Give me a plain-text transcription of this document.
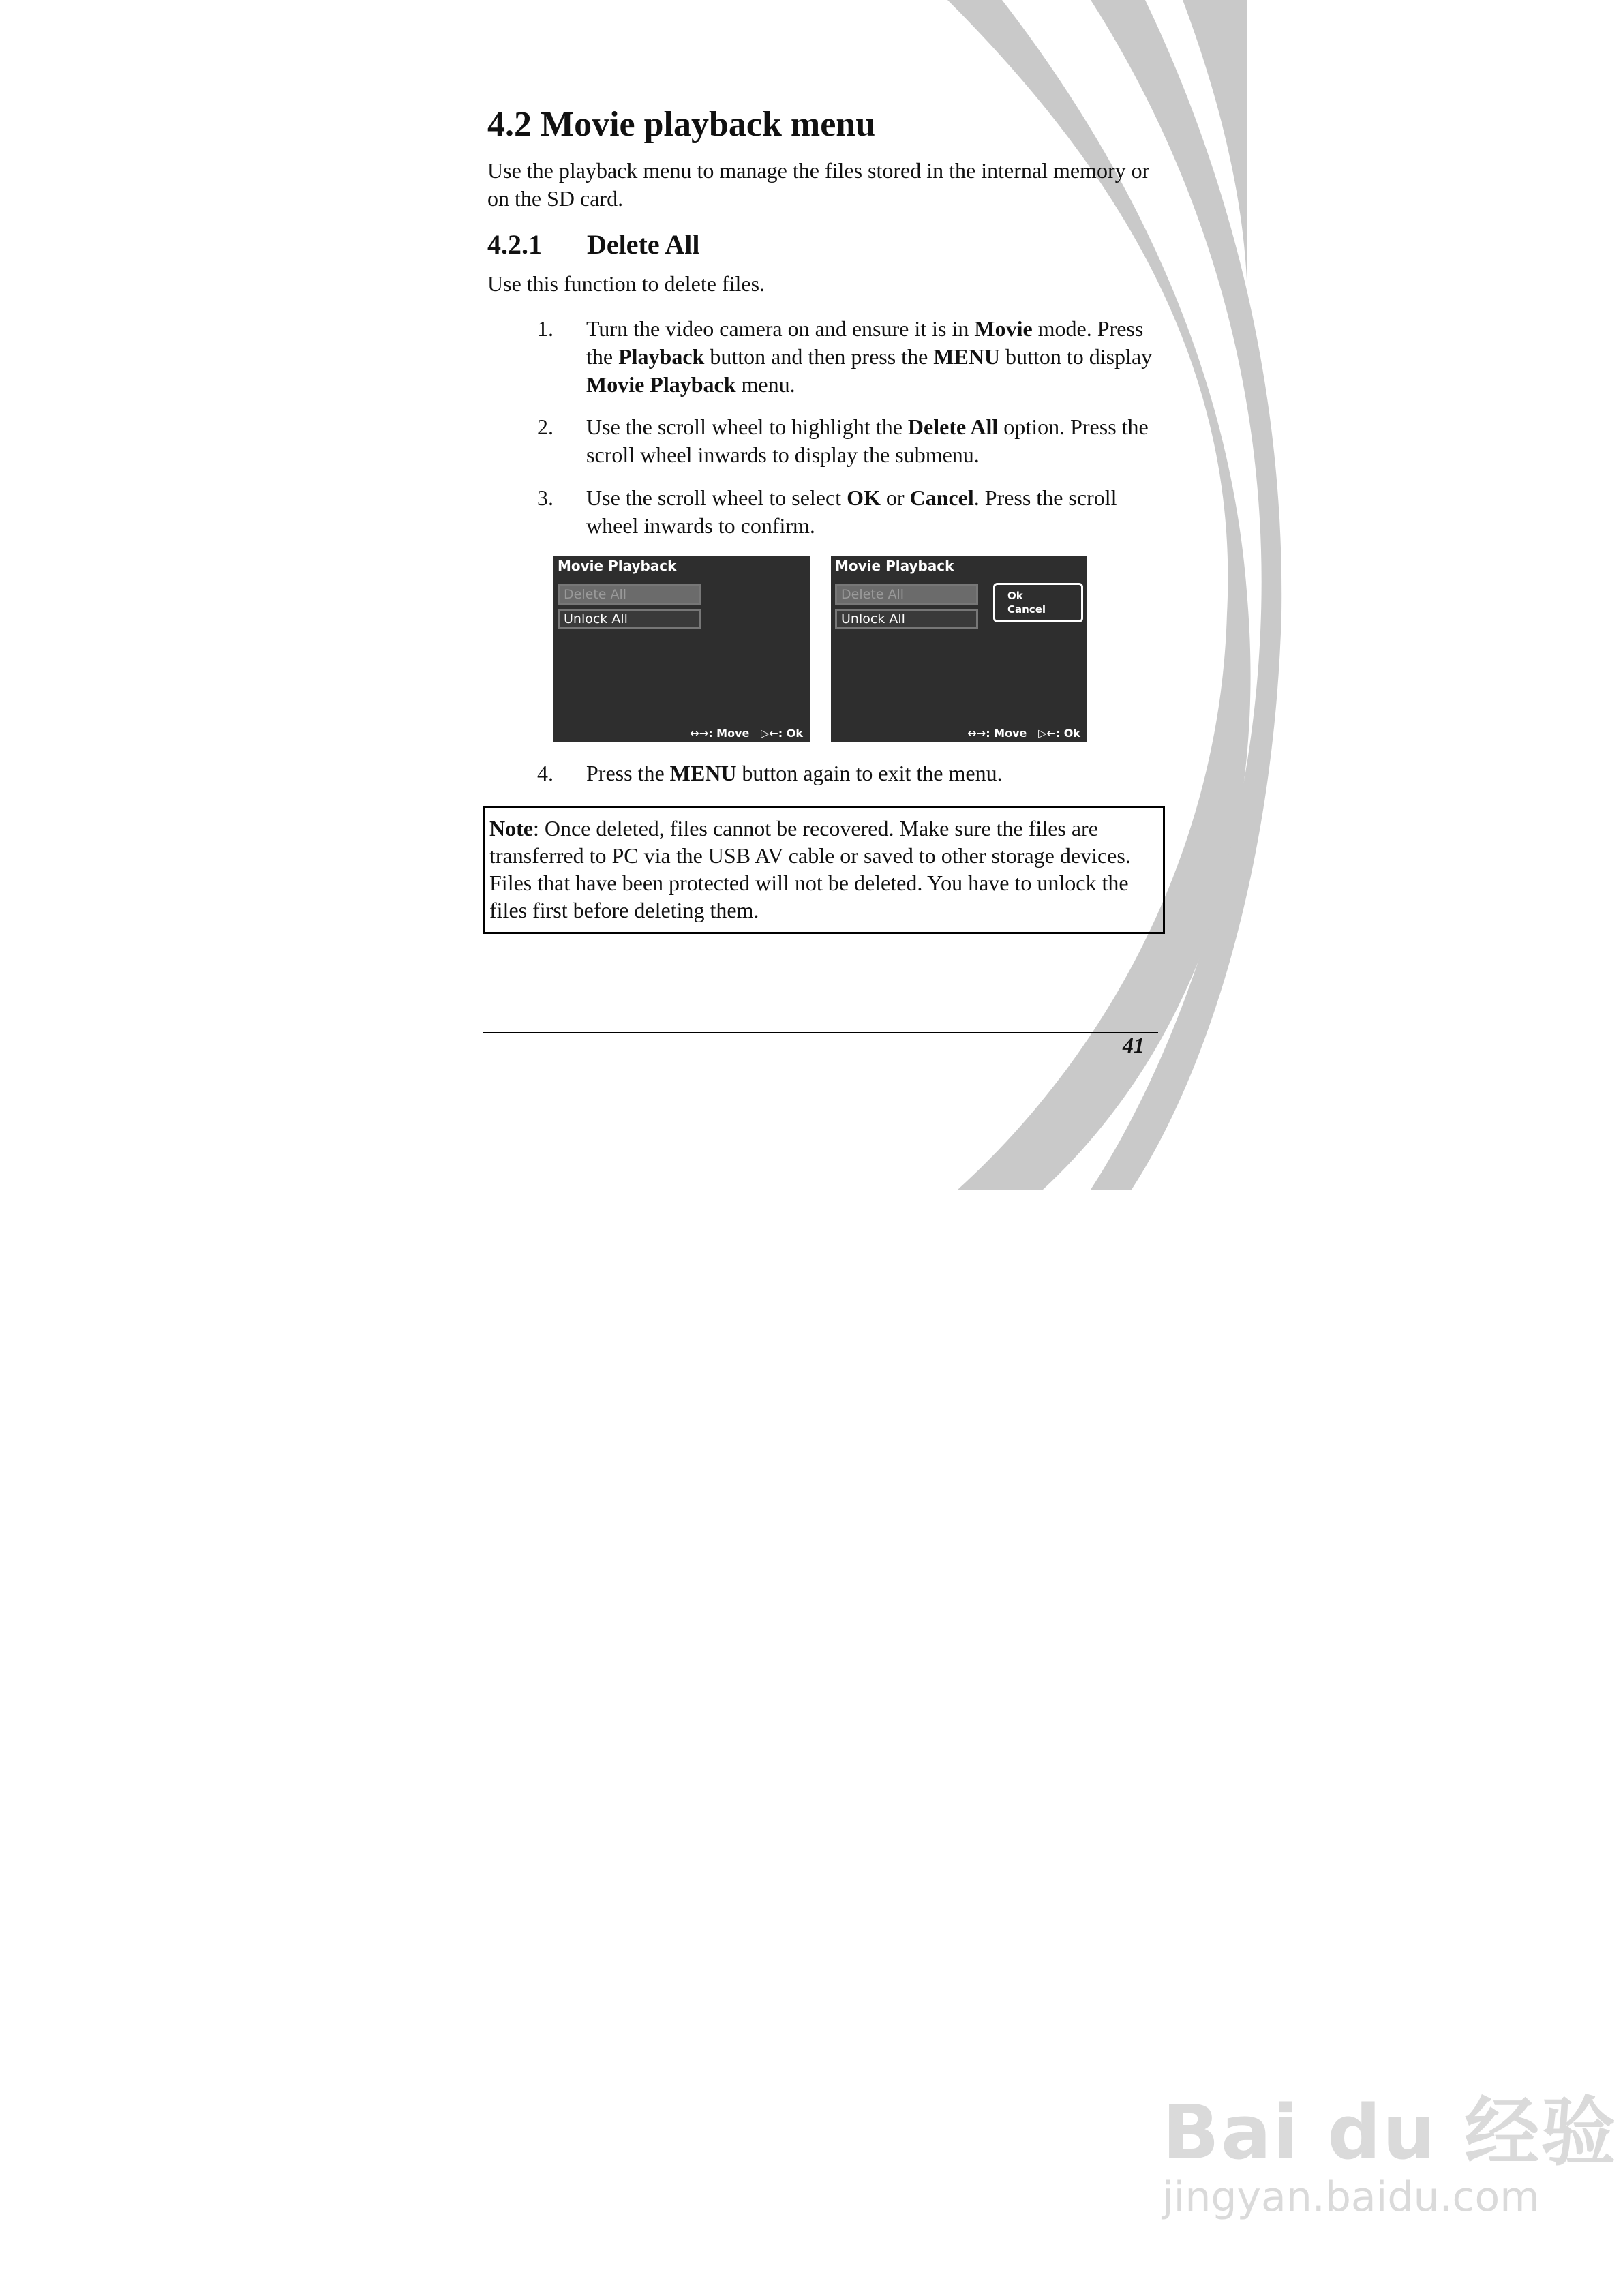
4.2 Movie playback menu

Use the playback menu to manage the files stored in the internal memory or on the SD card.

4.2.1 Delete All

Use this function to delete files.

1. Turn the video camera on and ensure it is in Movie mode. Press the Playback button and then press the MENU button to display Movie Playback menu.
2. Use the scroll wheel to highlight the Delete All option. Press the scroll wheel inwards to display the submenu.
3. Use the scroll wheel to select OK or Cancel. Press the scroll wheel inwards to confirm.
Movie Playback
Delete All
Unlock All
↔→: Move ▷←: Ok
Movie Playback
Delete All
Unlock All
Ok
Cancel
↔→: Move ▷←: Ok
4. Press the MENU button again to exit the menu.

Note: Once deleted, files cannot be recovered. Make sure the files are transferred to PC via the USB AV cable or saved to other storage devices. Files that have been protected will not be deleted. You have to unlock the files first before deleting them.

41
Bai du 经验
jingyan.baidu.com
